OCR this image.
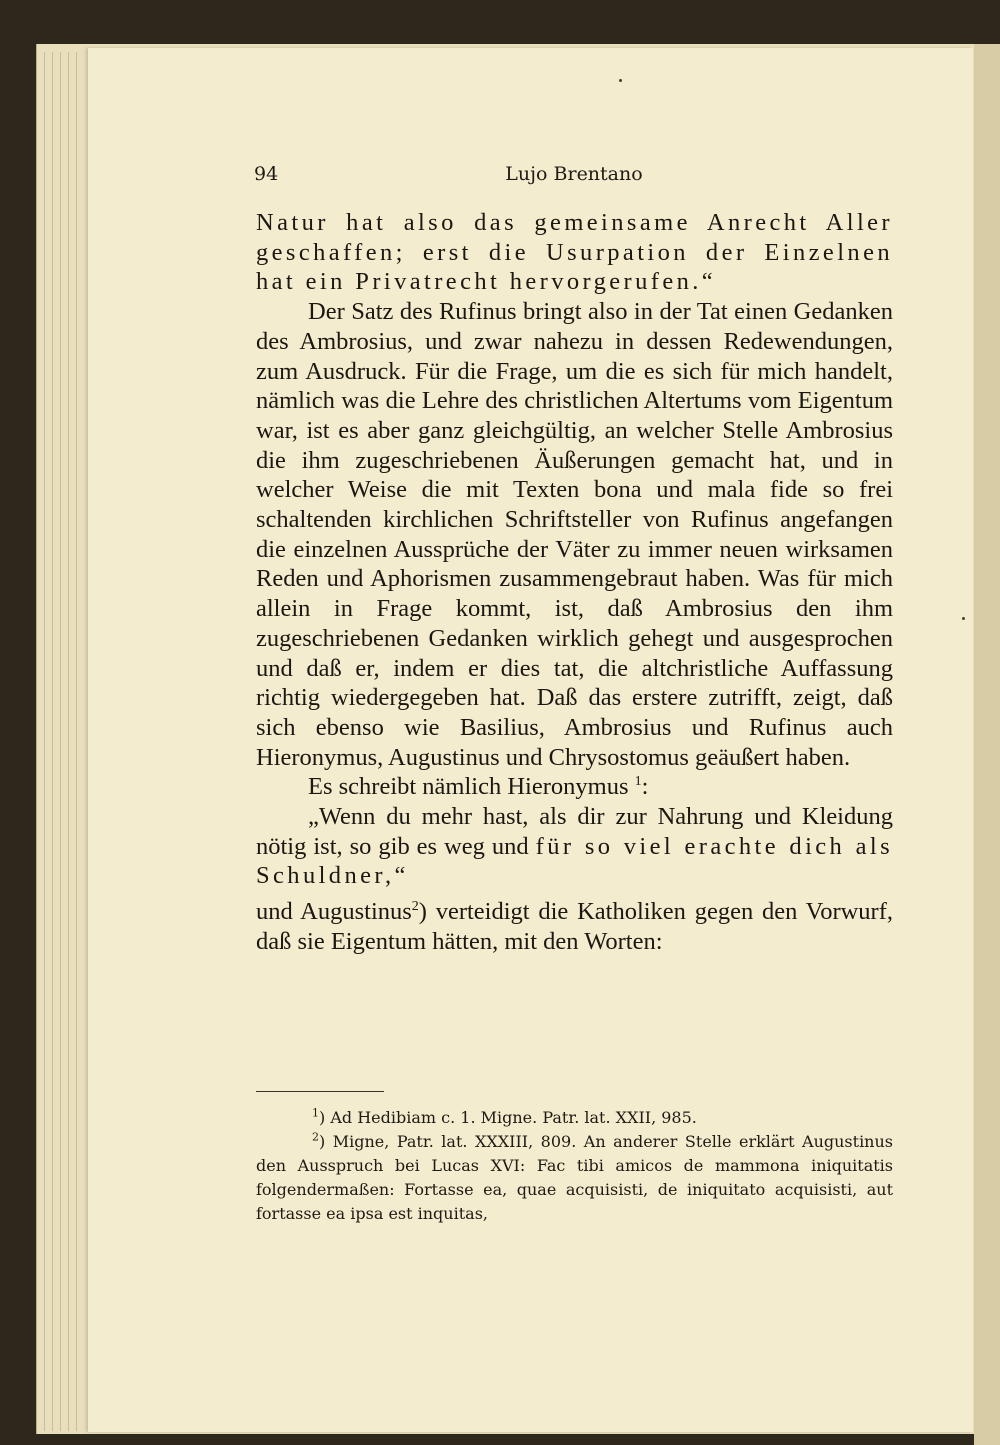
94	Lujo Brentano

Natur hat also das gemeinsame Anrecht Aller geschaffen; erst die Usurpation der Einzelnen hat ein Privatrecht hervorgerufen.“

Der Satz des Rufinus bringt also in der Tat einen Gedanken des Ambrosius, und zwar nahezu in dessen Redewendungen, zum Ausdruck. Für die Frage, um die es sich für mich handelt, nämlich was die Lehre des christlichen Altertums vom Eigentum war, ist es aber ganz gleichgültig, an welcher Stelle Ambrosius die ihm zugeschriebenen Äußerungen gemacht hat, und in welcher Weise die mit Texten bona und mala fide so frei schaltenden kirchlichen Schriftsteller von Rufinus angefangen die einzelnen Aussprüche der Väter zu immer neuen wirksamen Reden und Aphorismen zusammengebraut haben. Was für mich allein in Frage kommt, ist, daß Ambrosius den ihm zugeschriebenen Gedanken wirklich gehegt und ausgesprochen und daß er, indem er dies tat, die altchristliche Auffassung richtig wiedergegeben hat. Daß das erstere zutrifft, zeigt, daß sich ebenso wie Basilius, Ambrosius und Rufinus auch Hieronymus, Augustinus und Chrysostomus geäußert haben.

Es schreibt nämlich Hieronymus $^1$:

„Wenn du mehr hast, als dir zur Nahrung und Kleidung nötig ist, so gib es weg und für so viel erachte dich als Schuldner,“

und Augustinus$^2$) verteidigt die Katholiken gegen den Vorwurf, daß sie Eigentum hätten, mit den Worten:

$^1$) Ad Hedibiam c. 1. Migne. Patr. lat. XXII, 985.

$^2$) Migne, Patr. lat. XXXIII, 809. An anderer Stelle erklärt Augustinus den Ausspruch bei Lucas XVI: Fac tibi amicos de mammona iniquitatis folgendermaßen: Fortasse ea, quae acquisisti, de iniquitato acquisisti, aut fortasse ea ipsa est inquitas,
